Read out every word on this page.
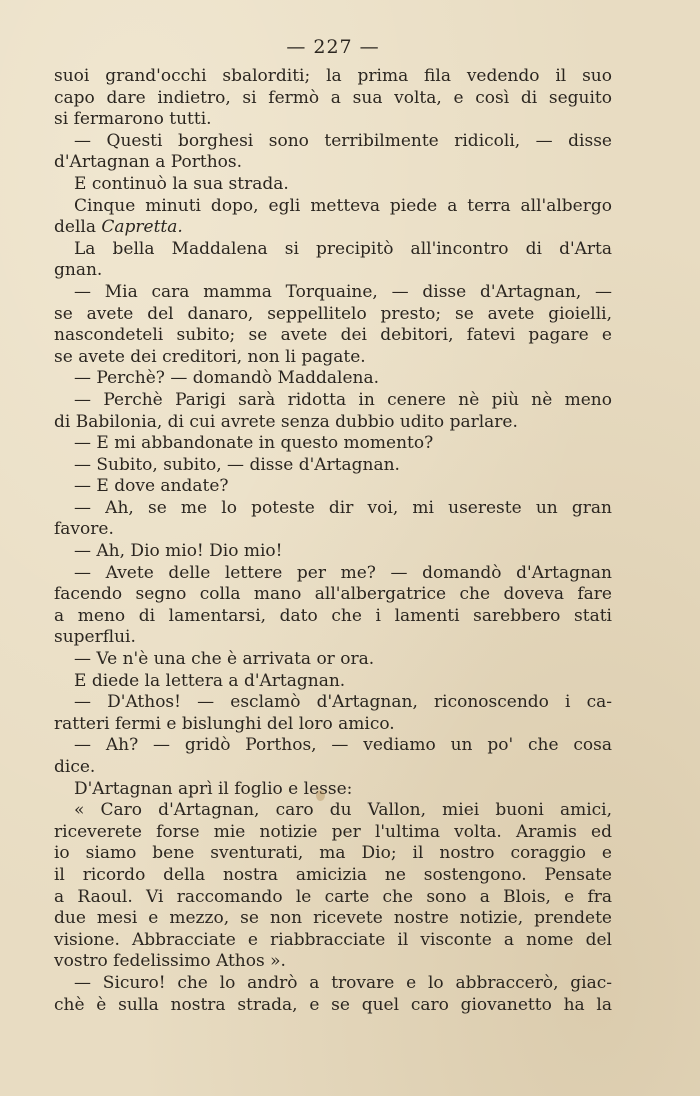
— 227 —
suoi grand'occhi sbalorditi; la prima fila vedendo il suo
capo dare indietro, si fermò a sua volta, e così di seguito
si fermarono tutti.
— Questi borghesi sono terribilmente ridicoli, — disse
d'Artagnan a Porthos.
E continuò la sua strada.
Cinque minuti dopo, egli metteva piede a terra all'albergo
della Capretta.
La bella Maddalena si precipitò all'incontro di d'Arta
gnan.
— Mia cara mamma Torquaine, — disse d'Artagnan, —
se avete del danaro, seppellitelo presto; se avete gioielli,
nascondeteli subito; se avete dei debitori, fatevi pagare e
se avete dei creditori, non li pagate.
— Perchè? — domandò Maddalena.
— Perchè Parigi sarà ridotta in cenere nè più nè meno
di Babilonia, di cui avrete senza dubbio udito parlare.
— E mi abbandonate in questo momento?
— Subito, subito, — disse d'Artagnan.
— E dove andate?
— Ah, se me lo poteste dir voi, mi usereste un gran
favore.
— Ah, Dio mio! Dio mio!
— Avete delle lettere per me? — domandò d'Artagnan
facendo segno colla mano all'albergatrice che doveva fare
a meno di lamentarsi, dato che i lamenti sarebbero stati
superflui.
— Ve n'è una che è arrivata or ora.
E diede la lettera a d'Artagnan.
— D'Athos! — esclamò d'Artagnan, riconoscendo i ca-
ratteri fermi e bislunghi del loro amico.
— Ah? — gridò Porthos, — vediamo un po' che cosa
dice.
D'Artagnan aprì il foglio e lesse:
« Caro d'Artagnan, caro du Vallon, miei buoni amici,
riceverete forse mie notizie per l'ultima volta. Aramis ed
io siamo bene sventurati, ma Dio; il nostro coraggio e
il ricordo della nostra amicizia ne sostengono. Pensate
a Raoul. Vi raccomando le carte che sono a Blois, e fra
due mesi e mezzo, se non ricevete nostre notizie, prendete
visione. Abbracciate e riabbracciate il visconte a nome del
vostro fedelissimo Athos ».
— Sicuro! che lo andrò a trovare e lo abbraccerò, giac-
chè è sulla nostra strada, e se quel caro giovanetto ha la
